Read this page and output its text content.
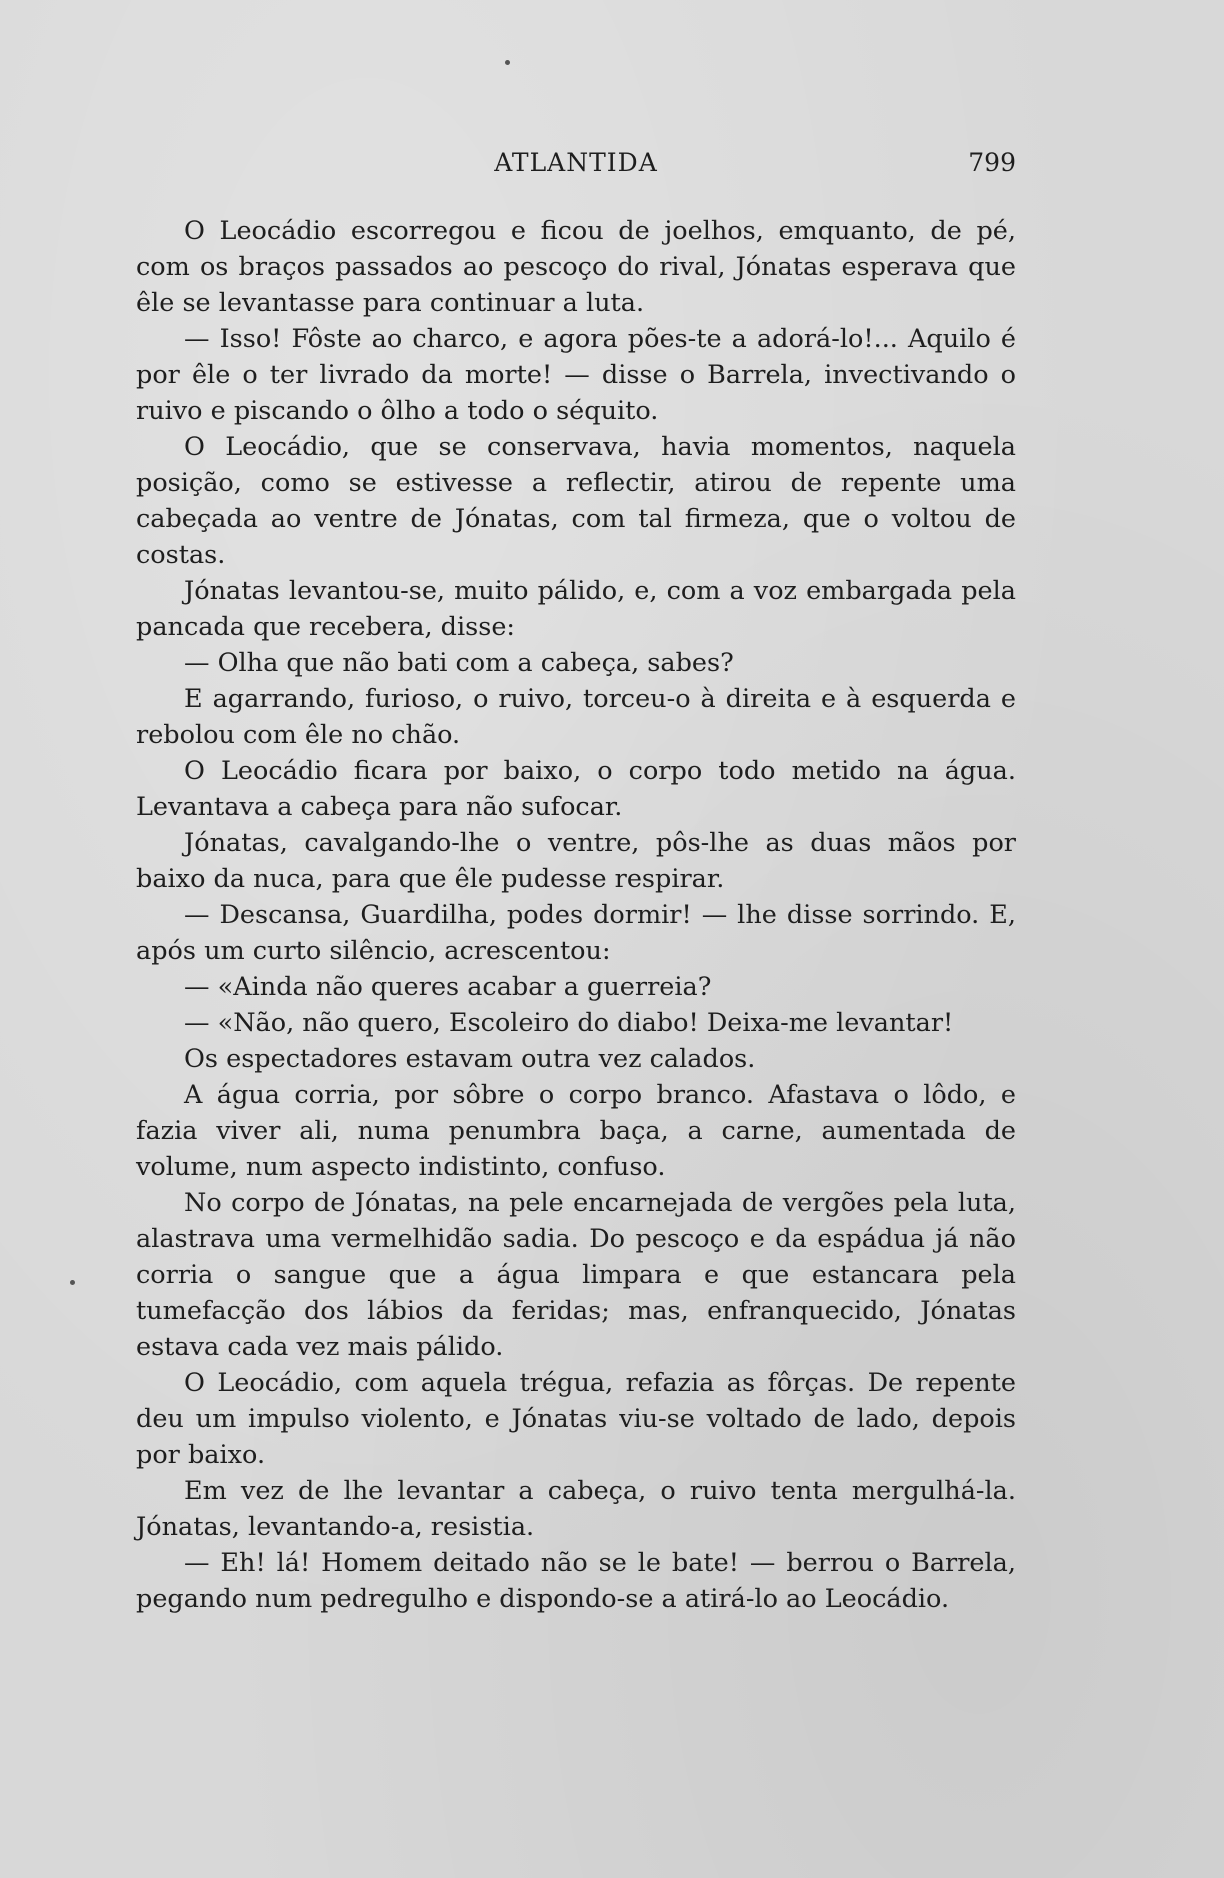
ATLANTIDA	799

O Leocádio escorregou e ficou de joelhos, emquanto, de pé, com os braços passados ao pescoço do rival, Jónatas esperava que êle se levantasse para continuar a luta.

— Isso! Fôste ao charco, e agora pões-te a adorá-lo!... Aquilo é por êle o ter livrado da morte! — disse o Barrela, invectivando o ruivo e piscando o ôlho a todo o séquito.

O Leocádio, que se conservava, havia momentos, naquela posição, como se estivesse a reflectir, atirou de repente uma cabeçada ao ventre de Jónatas, com tal firmeza, que o voltou de costas.

Jónatas levantou-se, muito pálido, e, com a voz embargada pela pancada que recebera, disse:

— Olha que não bati com a cabeça, sabes?

E agarrando, furioso, o ruivo, torceu-o à direita e à esquerda e rebolou com êle no chão.

O Leocádio ficara por baixo, o corpo todo metido na água. Levantava a cabeça para não sufocar.

Jónatas, cavalgando-lhe o ventre, pôs-lhe as duas mãos por baixo da nuca, para que êle pudesse respirar.

— Descansa, Guardilha, podes dormir! — lhe disse sorrindo. E, após um curto silêncio, acrescentou:

— «Ainda não queres acabar a guerreia?

— «Não, não quero, Escoleiro do diabo! Deixa-me levantar!

Os espectadores estavam outra vez calados.

A água corria, por sôbre o corpo branco. Afastava o lôdo, e fazia viver ali, numa penumbra baça, a carne, aumentada de volume, num aspecto indistinto, confuso.

No corpo de Jónatas, na pele encarnejada de vergões pela luta, alastrava uma vermelhidão sadia. Do pescoço e da espádua já não corria o sangue que a água limpara e que estancara pela tumefacção dos lábios da feridas; mas, enfranquecido, Jónatas estava cada vez mais pálido.

O Leocádio, com aquela trégua, refazia as fôrças. De repente deu um impulso violento, e Jónatas viu-se voltado de lado, depois por baixo.

Em vez de lhe levantar a cabeça, o ruivo tenta mergulhá-la. Jónatas, levantando-a, resistia.

— Eh! lá! Homem deitado não se le bate! — berrou o Barrela, pegando num pedregulho e dispondo-se a atirá-lo ao Leocádio.
